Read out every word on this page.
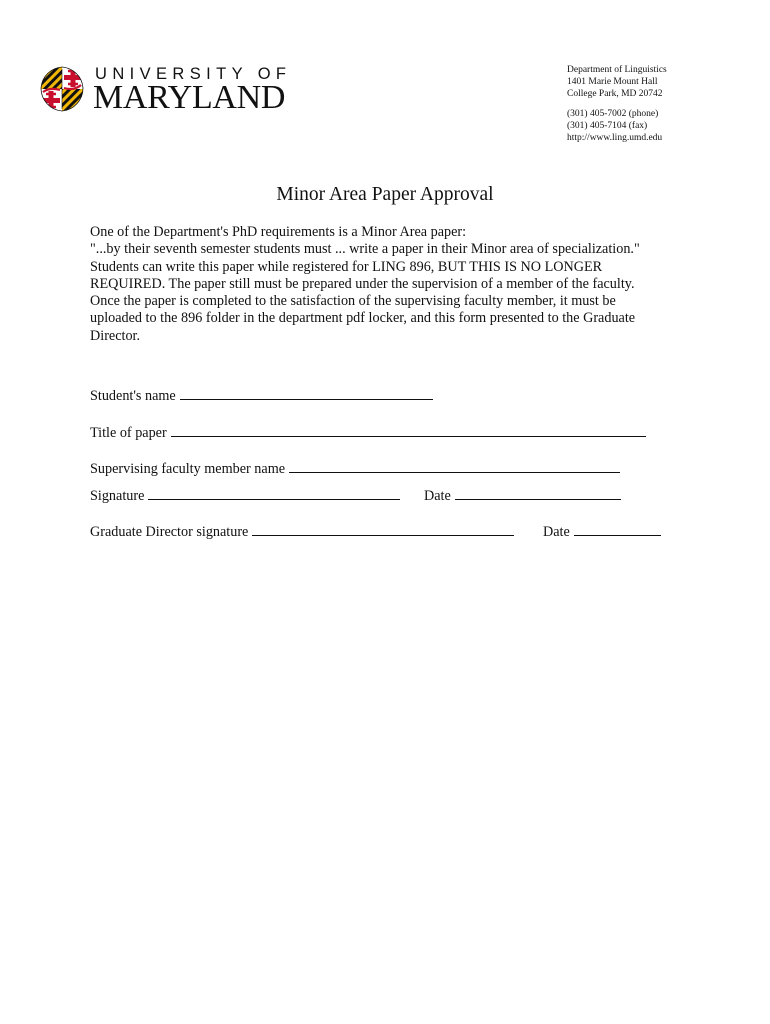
UNIVERSITY OF
MARYLAND
Department of Linguistics
1401 Marie Mount Hall
College Park, MD 20742
(301) 405-7002 (phone)
(301) 405-7104 (fax)
http://www.ling.umd.edu
Minor Area Paper Approval
One of the Department's PhD requirements is a Minor Area paper:
"...by their seventh semester students must ... write a paper in their Minor area of specialization."
Students can write this paper while registered for LING 896, BUT THIS IS NO LONGER
REQUIRED. The paper still must be prepared under the supervision of a member of the faculty.
Once the paper is completed to the satisfaction of the supervising faculty member, it must be
uploaded to the 896 folder in the department pdf locker, and this form presented to the Graduate
Director.
Student's name
Title of paper
Supervising faculty member name
Signature	Date
Graduate Director signature	Date
